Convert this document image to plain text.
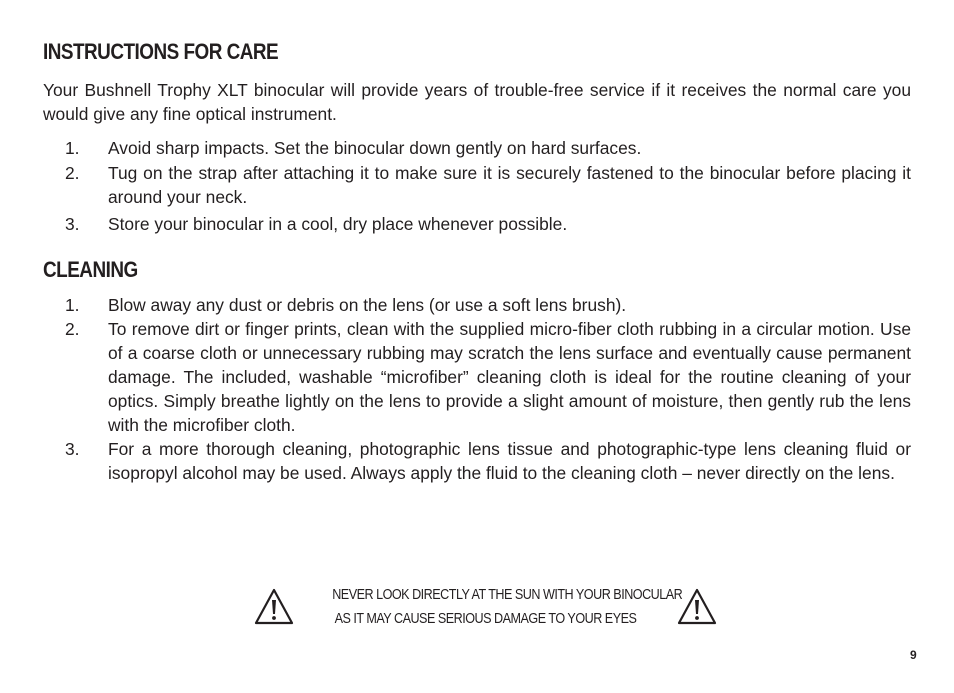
INSTRUCTIONS FOR CARE

Your Bushnell Trophy XLT binocular will provide years of trouble-free service if it receives the normal care you would give any fine optical instrument.

1. Avoid sharp impacts. Set the binocular down gently on hard surfaces.
2. Tug on the strap after attaching it to make sure it is securely fastened to the binocular before placing it around your neck.
3. Store your binocular in a cool, dry place whenever possible.
CLEANING
1. Blow away any dust or debris on the lens (or use a soft lens brush).
2. To remove dirt or finger prints, clean with the supplied micro-fiber cloth rubbing in a circular motion. Use of a coarse cloth or unnecessary rubbing may scratch the lens surface and eventually cause permanent damage. The included, washable “microfiber” cleaning cloth is ideal for the routine cleaning of your optics. Simply breathe lightly on the lens to provide a slight amount of moisture, then gently rub the lens with the microfiber cloth.
3. For a more thorough cleaning, photographic lens tissue and photographic-type lens cleaning fluid or isopropyl alcohol may be used. Always apply the fluid to the cleaning cloth – never directly on the lens.
NEVER LOOK DIRECTLY AT THE SUN WITH YOUR BINOCULAR
AS IT MAY CAUSE SERIOUS DAMAGE TO YOUR EYES
9
